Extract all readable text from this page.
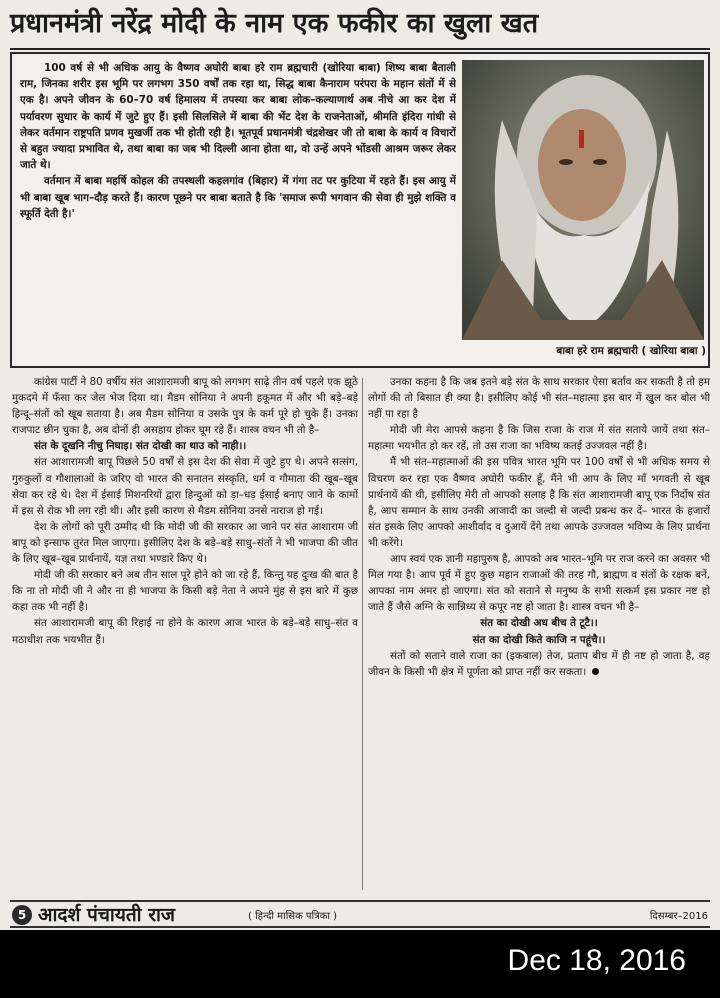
प्रधानमंत्री नरेंद्र मोदी के नाम एक फकीर का खुला खत

100 वर्ष से भी अधिक आयु के वैष्णव अघोरी बाबा हरे राम ब्रह्मचारी (खोरिया बाबा) शिष्य बाबा बैताली राम, जिनका शरीर इस भूमि पर लगभग 350 वर्षों तक रहा था, सिद्ध बाबा कैनाराम परंपरा के महान संतों में से एक है। अपने जीवन के 60–70 वर्ष हिमालय में तपस्या कर बाबा लोक–कल्याणार्थ अब नीचे आ कर देश में पर्यावरण सुधार के कार्य में जुटे हुए हैं। इसी सिलसिले में बाबा की भेंट देश के राजनेताओं, श्रीमति इंदिरा गांधी से लेकर वर्तमान राष्ट्रपति प्रणव मुखर्जी तक भी होती रही है। भूतपूर्व प्रधानमंत्री चंद्रशेखर जी तो बाबा के कार्य व विचारों से बहुत ज्यादा प्रभावित थे, तथा बाबा का जब भी दिल्ली आना होता था, वो उन्हें अपने भोंडसी आश्रम जरूर लेकर जाते थे।

वर्तमान में बाबा महर्षि कोहल की तपस्थली कहलगांव (बिहार) में गंगा तट पर कुटिया में रहते हैं। इस आयु में भी बाबा खूब भाग–दौड़ करते हैं। कारण पूछने पर बाबा बताते है कि 'समाज रूपी भगवान की सेवा ही मुझे शक्ति व स्फूर्ति देती है।'

बाबा हरे राम ब्रह्मचारी ( खोरिया बाबा )

कांग्रेस पार्टी ने 80 वर्षीय संत आशारामजी बापू को लगभग साढ़े तीन वर्ष पहले एक झूठे मुकदमे में फँसा कर जेल भेज दिया था। मैडम सोनिया ने अपनी हकूमत में और भी बड़े–बड़े हिन्दू–संतों को खूब सताया है। अब मैडम सोनिया व उसके पुत्र के कर्म पूरे हो चुके हैं। उनका राजपाट छीन चुका है, अब दोनों ही असहाय होकर घूम रहे हैं। शास्त्र वचन भी तो है–

संत के दूखनि नीचु निघाइ। संत दोखी का थाउ को नाही।।

संत आशारामजी बापू पिछले 50 वर्षों से इस देश की सेवा में जुटे हुए थे। अपने सत्संग, गुरुकुलों व गौशालाओं के जरिए वो भारत की सनातन संस्कृति, धर्म व गौमाता की खूब–खूब सेवा कर रहे थे। देश में ईसाई मिशनरियों द्वारा हिन्दुओं को ड़ा–धड़ ईसाई बनाए जाने के कामों में इस से रोक भी लग रही थी। और इसी कारण से मैडम सोनिया उनसे नाराज हो गई।

देश के लोगों को पूरी उम्मीद थी कि मोदी जी की सरकार आ जाने पर संत आशाराम जी बापू को इन्साफ तुरंत मिल जाएगा। इसीलिए देश के बड़े–बड़े साधु–संतों ने भी भाजपा की जीत के लिए खूब–खूब प्रार्थनायें, यज्ञ तथा भण्डारे किए थे।

मोदी जी की सरकार बने अब तीन साल पूरे होने को जा रहे हैं, किन्तु यह दुःख की बात है कि ना तो मोदी जी ने और ना ही भाजपा के किसी बड़े नेता ने अपने मुंह से इस बारे में कुछ कहा तक भी नहीं है।

संत आशारामजी बापू की रिहाई ना होने के कारण आज भारत के बड़े–बड़े साधु–संत व मठाधीश तक भयभीत हैं।

उनका कहना है कि जब इतने बड़े संत के साथ सरकार ऐसा बर्ताव कर सकती है तो हम लोगों की तो बिसात ही क्या है। इसीलिए कोई भी संत–महात्मा इस बार में खुल कर बोल भी नहीं पा रहा है

मोदी जी मेरा आपसे कहना है कि जिस राजा के राज में संत सताये जायें तथा संत–महात्मा भयभीत हो कर रहें, तो उस राजा का भविष्य कतई उज्जवल नहीं है।

मैं भी संत–महात्माओं की इस पवित्र भारत भूमि पर 100 वर्षों से भी अधिक समय से विचरण कर रहा एक वैष्णव अघोरी फकीर हूँ, मैंने भी आप के लिए माँ भगवती से खूब प्रार्थनायें की थी, इसीलिए मेरी तो आपको सलाह है कि संत आशारामजी बापू एक निर्दोष संत है, आप सम्मान के साथ उनकी आजादी का जल्दी से जल्दी प्रबन्ध कर दें– भारत के हजारों संत इसके लिए आपको आशीर्वाद व दुआयें देंगे तथा आपके उज्जवल भविष्य के लिए प्रार्थना भी करेंगे।

आप स्वयं एक ज्ञानी महापुरुष है, आपको अब भारत–भूमि पर राज करने का अवसर भी मिल गया है। आप पूर्व में हुए कुछ महान राजाओं की तरह गौ, ब्राह्मण व संतों के रक्षक बनें, आपका नाम अमर हो जाएगा। संत को सताने से मनुष्य के सभी सत्कर्म इस प्रकार नष्ट हो जाते हैं जैसे अग्नि के सान्निध्य से कपूर नष्ट हो जाता है। शास्त्र वचन भी है–

संत का दोखी अध बीच ते टूटै।।

संत का दोखी किते काजि न पहूंचै।।

संतों को सताने वाले राजा का (इकबाल) तेज, प्रताप बीच में ही नष्ट हो जाता है, वह जीवन के किसी भी क्षेत्र में पूर्णता को प्राप्त नहीं कर सकता।

5 आदर्श पंचायती राज	( हिन्दी मासिक पत्रिका )	दिसम्बर–2016
Dec 18, 2016
